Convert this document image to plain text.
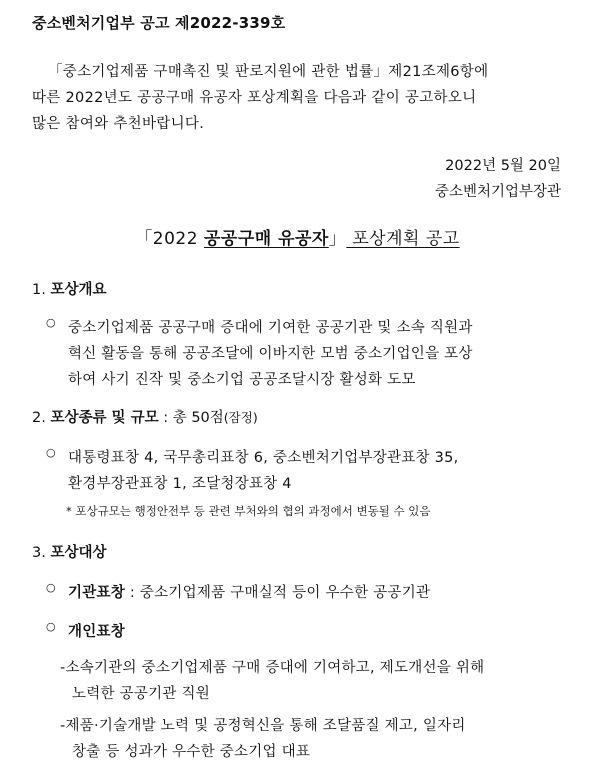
중소벤처기업부 공고 제2022-339호
「중소기업제품 구매촉진 및 판로지원에 관한 법률」제21조제6항에
따른 2022년도 공공구매 유공자 포상계획을 다음과 같이 공고하오니
많은 참여와 추천바랍니다.
2022년 5월 20일
중소벤처기업부장관
「2022 공공구매 유공자」 포상계획 공고
1. 포상개요
○ 중소기업제품 공공구매 증대에 기여한 공공기관 및 소속 직원과
혁신 활동을 통해 공공조달에 이바지한 모범 중소기업인을 포상
하여 사기 진작 및 중소기업 공공조달시장 활성화 도모
2. 포상종류 및 규모 : 총 50점(잠정)
○ 대통령표창 4, 국무총리표창 6, 중소벤처기업부장관표창 35,
환경부장관표창 1, 조달청장표창 4
* 포상규모는 행정안전부 등 관련 부처와의 협의 과정에서 변동될 수 있음
3. 포상대상
○ 기관표창 : 중소기업제품 구매실적 등이 우수한 공공기관
○ 개인표창
-소속기관의 중소기업제품 구매 증대에 기여하고, 제도개선을 위해
노력한 공공기관 직원
-제품·기술개발 노력 및 공정혁신을 통해 조달품질 제고, 일자리
창출 등 성과가 우수한 중소기업 대표
